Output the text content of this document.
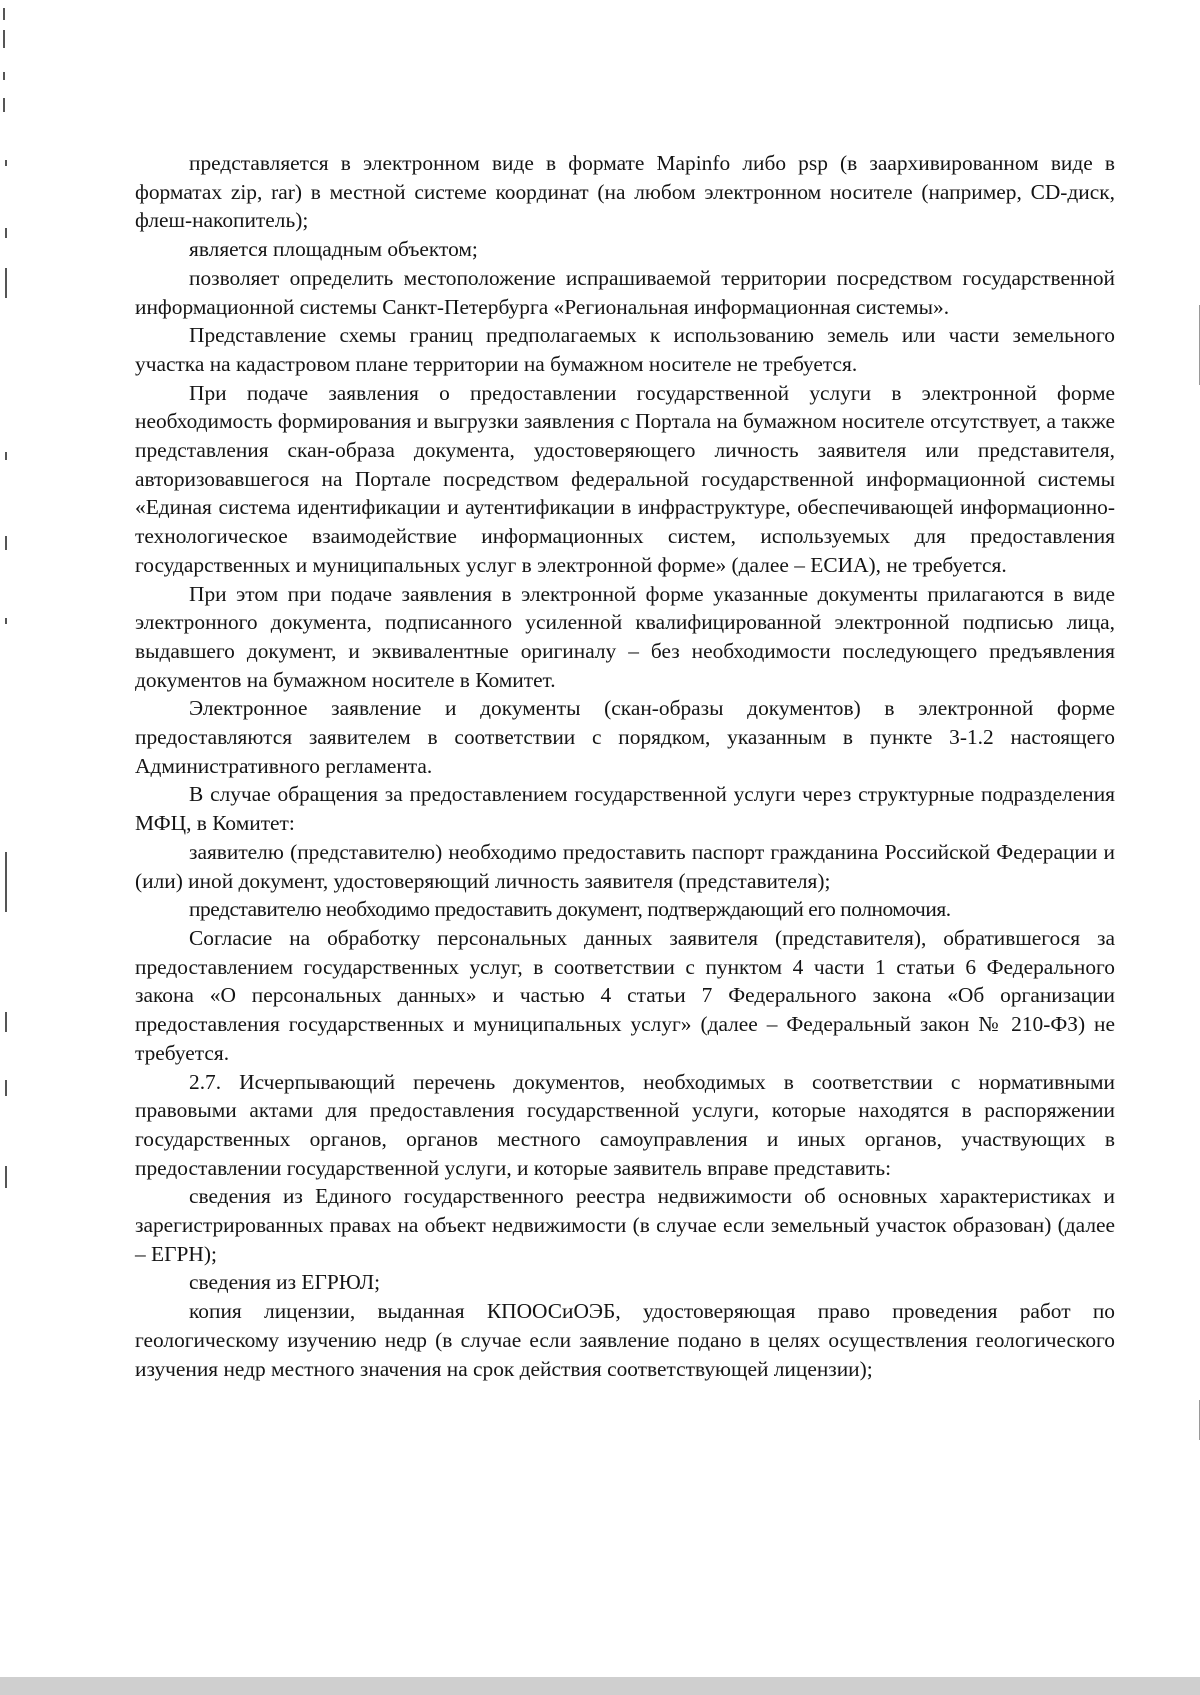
представляется в электронном виде в формате Mapinfo либо psp (в заархивированном виде в форматах zip, rar) в местной системе координат (на любом электронном носителе (например, CD-диск, флеш-накопитель);

является площадным объектом;

позволяет определить местоположение испрашиваемой территории посредством государственной информационной системы Санкт-Петербурга «Региональная информационная системы».

Представление схемы границ предполагаемых к использованию земель или части земельного участка на кадастровом плане территории на бумажном носителе не требуется.

При подаче заявления о предоставлении государственной услуги в электронной форме необходимость формирования и выгрузки заявления с Портала на бумажном носителе отсутствует, а также представления скан-образа документа, удостоверяющего личность заявителя или представителя, авторизовавшегося на Портале посредством федеральной государственной информационной системы «Единая система идентификации и аутентификации в инфраструктуре, обеспечивающей информационно-технологическое взаимодействие информационных систем, используемых для предоставления государственных и муниципальных услуг в электронной форме» (далее – ЕСИА), не требуется.

При этом при подаче заявления в электронной форме указанные документы прилагаются в виде электронного документа, подписанного усиленной квалифицированной электронной подписью лица, выдавшего документ, и эквивалентные оригиналу – без необходимости последующего предъявления документов на бумажном носителе в Комитет.

Электронное заявление и документы (скан-образы документов) в электронной форме предоставляются заявителем в соответствии с порядком, указанным в пункте 3-1.2 настоящего Административного регламента.

В случае обращения за предоставлением государственной услуги через структурные подразделения МФЦ, в Комитет:

заявителю (представителю) необходимо предоставить паспорт гражданина Российской Федерации и (или) иной документ, удостоверяющий личность заявителя (представителя);

представителю необходимо предоставить документ, подтверждающий его полномочия.

Согласие на обработку персональных данных заявителя (представителя), обратившегося за предоставлением государственных услуг, в соответствии с пунктом 4 части 1 статьи 6 Федерального закона «О персональных данных» и частью 4 статьи 7 Федерального закона «Об организации предоставления государственных и муниципальных услуг» (далее – Федеральный закон № 210-ФЗ) не требуется.

2.7. Исчерпывающий перечень документов, необходимых в соответствии с нормативными правовыми актами для предоставления государственной услуги, которые находятся в распоряжении государственных органов, органов местного самоуправления и иных органов, участвующих в предоставлении государственной услуги, и которые заявитель вправе представить:

сведения из Единого государственного реестра недвижимости об основных характеристиках и зарегистрированных правах на объект недвижимости (в случае если земельный участок образован) (далее – ЕГРН);

сведения из ЕГРЮЛ;

копия лицензии, выданная КПООСиОЭБ, удостоверяющая право проведения работ по геологическому изучению недр (в случае если заявление подано в целях осуществления геологического изучения недр местного значения на срок действия соответствующей лицензии);
